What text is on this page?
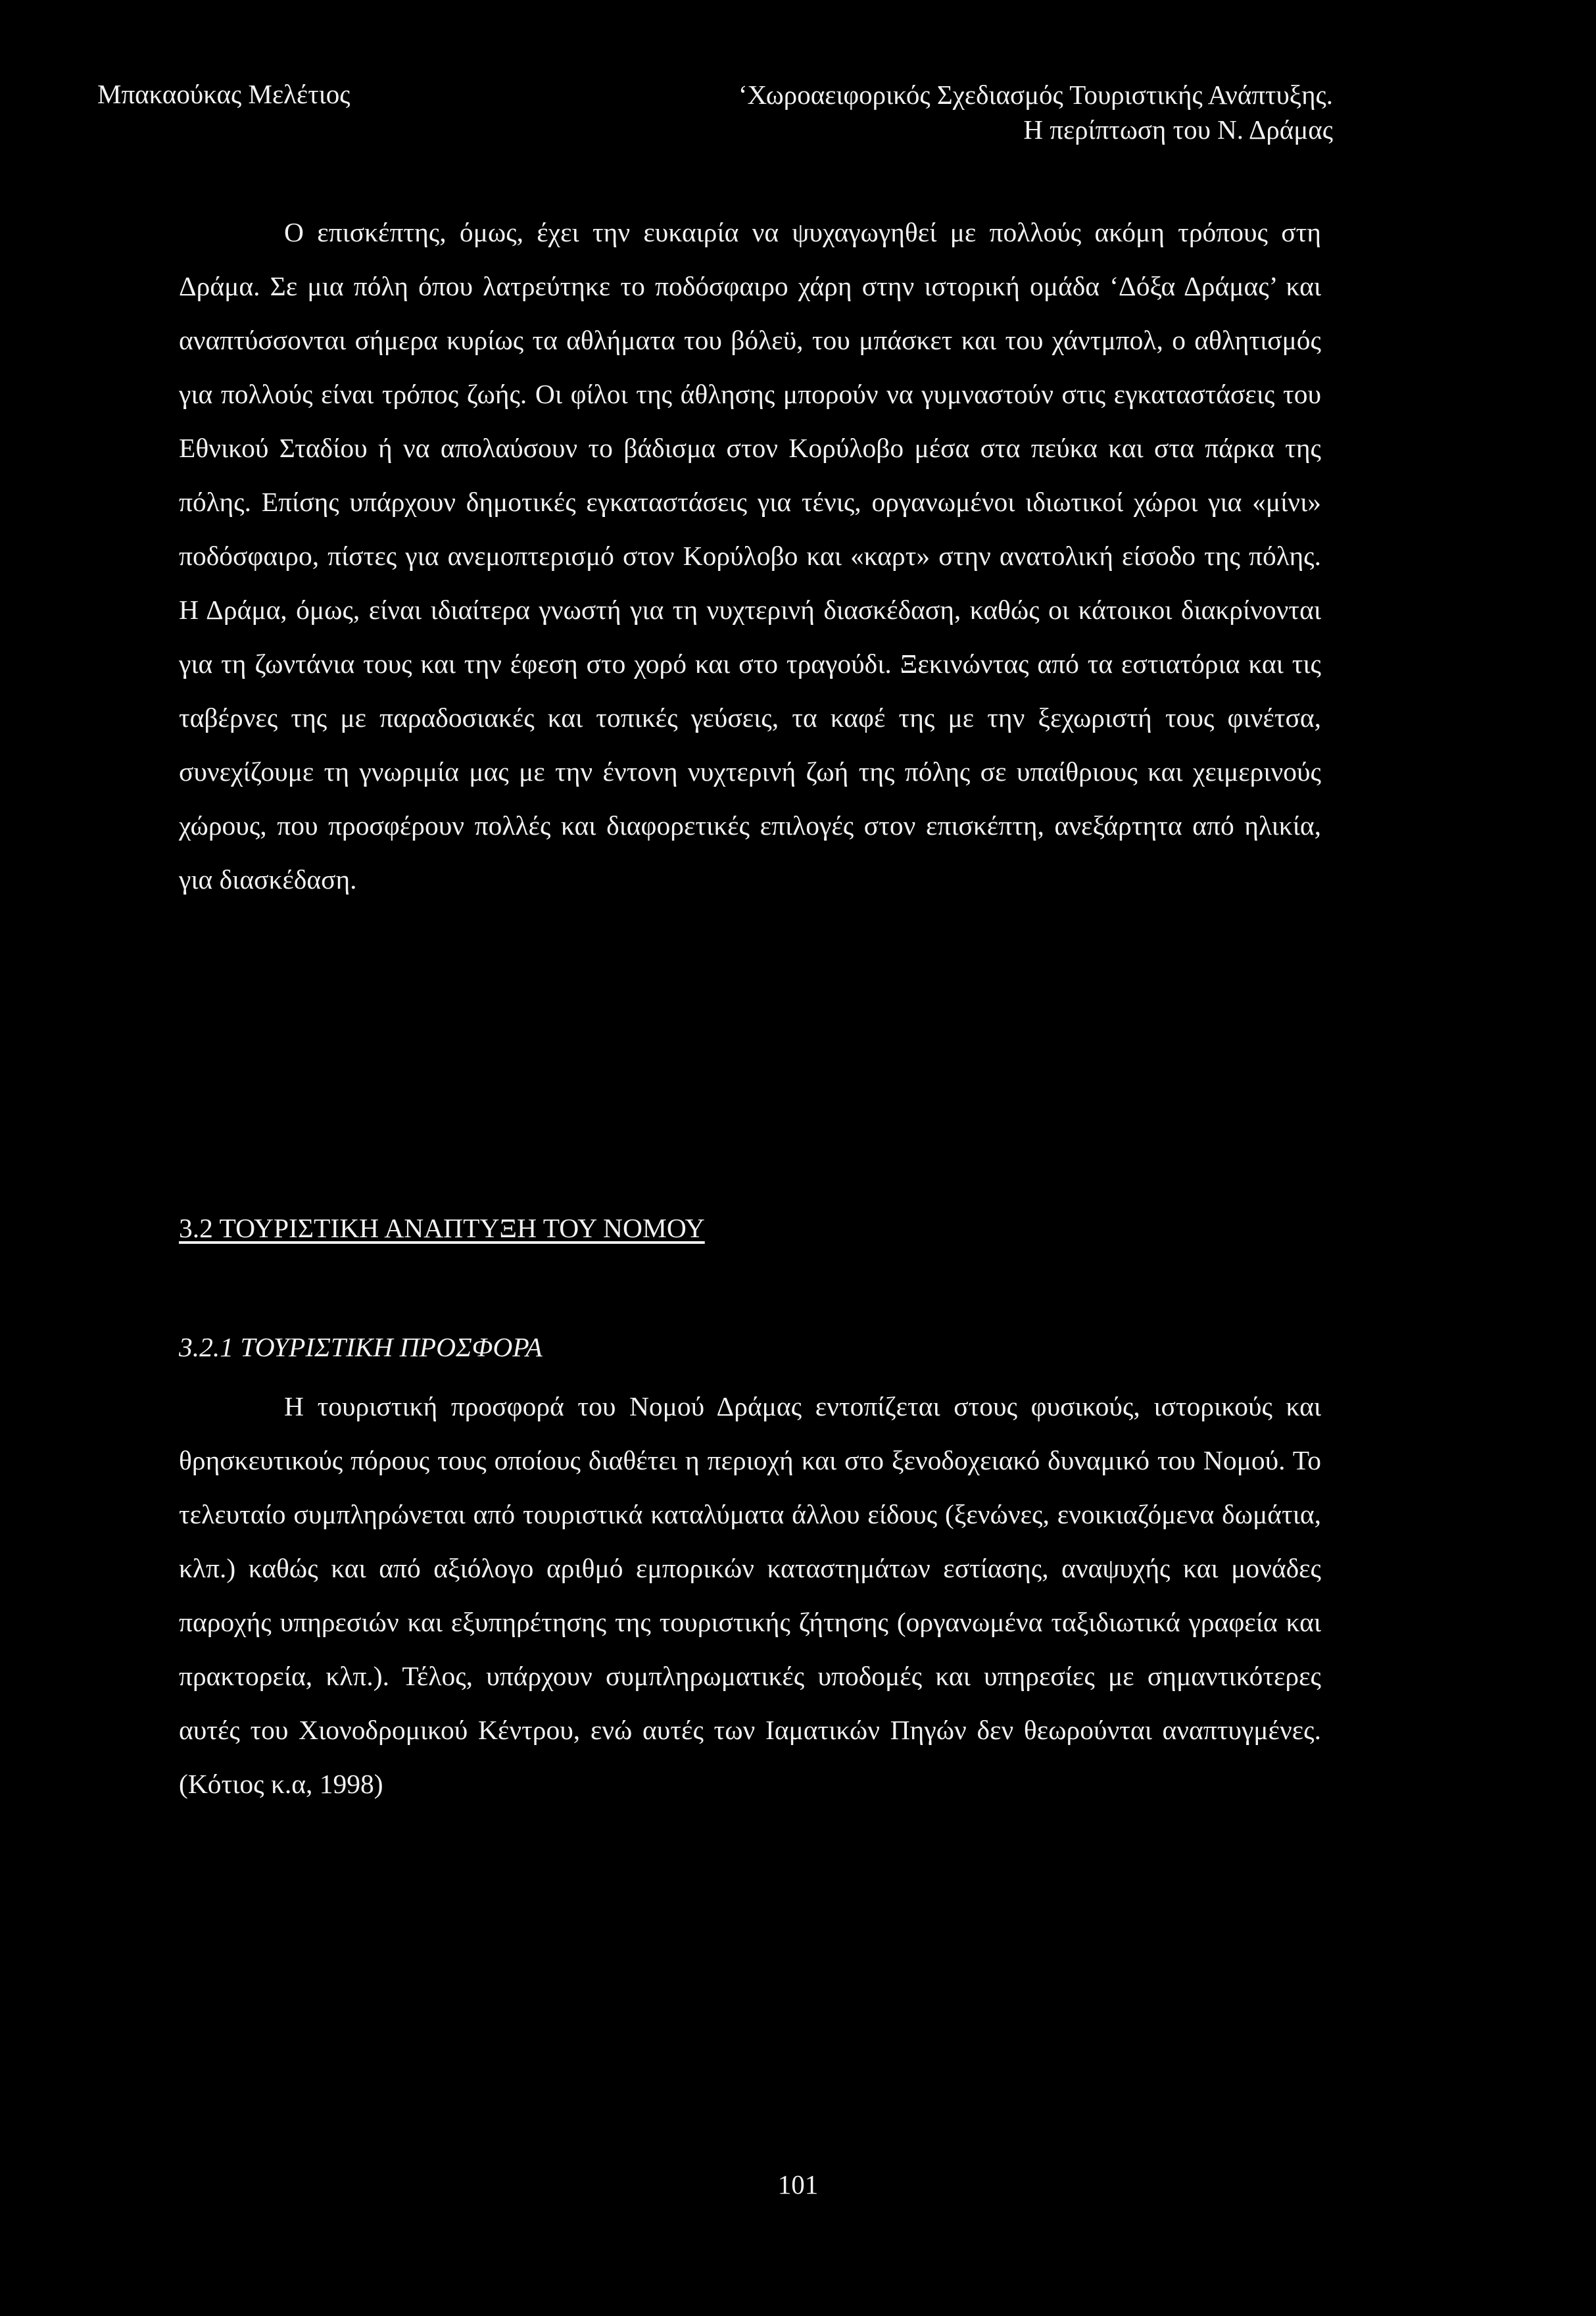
Μπακαούκας Μελέτιος	‘Χωροαειφορικός Σχεδιασμός Τουριστικής Ανάπτυξης.
Η περίπτωση του Ν. Δράμας

Ο επισκέπτης, όμως, έχει την ευκαιρία να ψυχαγωγηθεί με πολλούς ακόμη τρόπους στη Δράμα. Σε μια πόλη όπου λατρεύτηκε το ποδόσφαιρο χάρη στην ιστορική ομάδα ‘Δόξα Δράμας’ και αναπτύσσονται σήμερα κυρίως τα αθλήματα του βόλεϋ, του μπάσκετ και του χάντμπολ, ο αθλητισμός για πολλούς είναι τρόπος ζωής. Οι φίλοι της άθλησης μπορούν να γυμναστούν στις εγκαταστάσεις του Εθνικού Σταδίου ή να απολαύσουν το βάδισμα στον Κορύλοβο μέσα στα πεύκα και στα πάρκα της πόλης. Επίσης υπάρχουν δημοτικές εγκαταστάσεις για τένις, οργανωμένοι ιδιωτικοί χώροι για «μίνι» ποδόσφαιρο, πίστες για ανεμοπτερισμό στον Κορύλοβο και «καρτ» στην ανατολική είσοδο της πόλης. Η Δράμα, όμως, είναι ιδιαίτερα γνωστή για τη νυχτερινή διασκέδαση, καθώς οι κάτοικοι διακρίνονται για τη ζωντάνια τους και την έφεση στο χορό και στο τραγούδι. Ξεκινώντας από τα εστιατόρια και τις ταβέρνες της με παραδοσιακές και τοπικές γεύσεις, τα καφέ της με την ξεχωριστή τους φινέτσα, συνεχίζουμε τη γνωριμία μας με την έντονη νυχτερινή ζωή της πόλης σε υπαίθριους και χειμερινούς χώρους, που προσφέρουν πολλές και διαφορετικές επιλογές στον επισκέπτη, ανεξάρτητα από ηλικία, για διασκέδαση.

3.2 ΤΟΥΡΙΣΤΙΚΗ ΑΝΑΠΤΥΞΗ ΤΟΥ ΝΟΜΟΥ
3.2.1 ΤΟΥΡΙΣΤΙΚΗ ΠΡΟΣΦΟΡΑ

Η τουριστική προσφορά του Νομού Δράμας εντοπίζεται στους φυσικούς, ιστορικούς και θρησκευτικούς πόρους τους οποίους διαθέτει η περιοχή και στο ξενοδοχειακό δυναμικό του Νομού. Το τελευταίο συμπληρώνεται από τουριστικά καταλύματα άλλου είδους (ξενώνες, ενοικιαζόμενα δωμάτια, κλπ.) καθώς και από αξιόλογο αριθμό εμπορικών καταστημάτων εστίασης, αναψυχής και μονάδες παροχής υπηρεσιών και εξυπηρέτησης της τουριστικής ζήτησης (οργανωμένα ταξιδιωτικά γραφεία και πρακτορεία, κλπ.). Τέλος, υπάρχουν συμπληρωματικές υποδομές και υπηρεσίες με σημαντικότερες αυτές του Χιονοδρομικού Κέντρου, ενώ αυτές των Ιαματικών Πηγών δεν θεωρούνται αναπτυγμένες. (Κότιος κ.α, 1998)

101
